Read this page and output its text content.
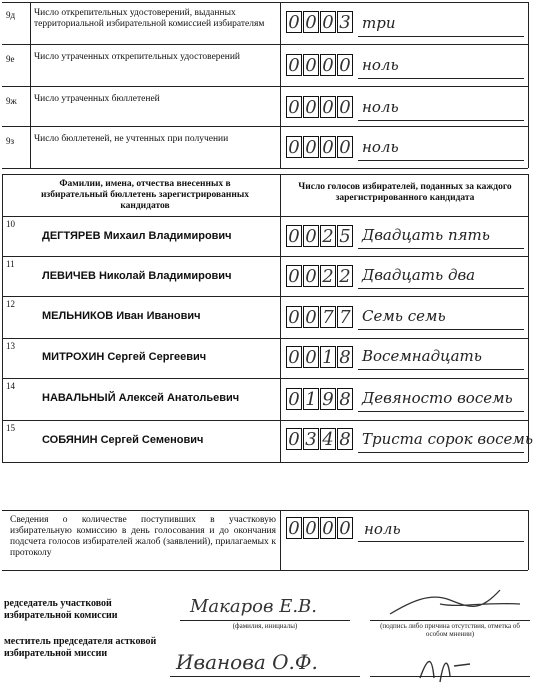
9д Число открепительных удостоверений, выданных территориальной избирательной комиссией избирателям	0 0 0 3 три
9е Число утраченных открепительных удостоверений	0 0 0 0 ноль
9ж Число утраченных бюллетеней	0 0 0 0 ноль
9з Число бюллетеней, не учтенных при получении	0 0 0 0 ноль
Фамилии, имена, отчества внесенных в избирательный бюллетень зарегистрированных кандидатов
Число голосов избирателей, поданных за каждого зарегистрированного кандидата
10
ДЕГТЯРЕВ Михаил Владимирович	0 0 2 5 Двадцать пять
11
ЛЕВИЧЕВ Николай Владимирович	0 0 2 2 Двадцать два
12
МЕЛЬНИКОВ Иван Иванович	0 0 7 7 Семь семь
13
МИТРОХИН Сергей Сергеевич	0 0 1 8 Восемнадцать
14
НАВАЛЬНЫЙ Алексей Анатольевич	0 1 9 8 Девяносто восемь
15
СОБЯНИН Сергей Семенович	0 3 4 8 Триста сорок восемь
Сведения о количестве поступивших в участковую избирательную комиссию в день голосования и до окончания подсчета голосов избирателей жалоб (заявлений), прилагаемых к протоколу
0 0 0 0 ноль
редседатель участковой избирательной комиссии	Макаров Е.В.
(фамилия, инициалы)	(подпись либо причина отсутствия, отметка об особом мнении)
меститель председателя астковой избирательной миссии	Иванова О.Ф.
